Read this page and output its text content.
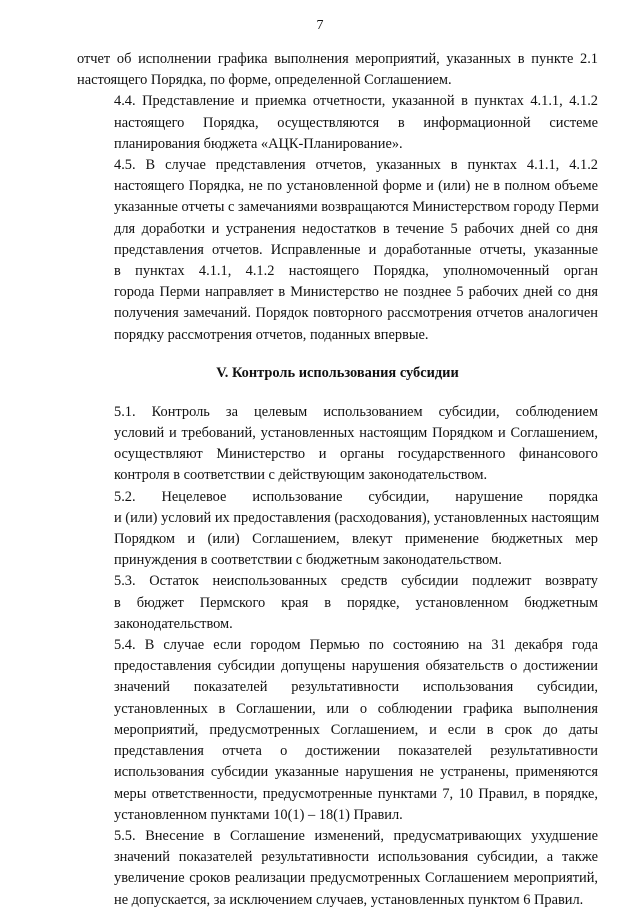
7

отчет об исполнении графика выполнения мероприятий, указанных в пункте 2.1
настоящего Порядка, по форме, определенной Соглашением.

4.4. Представление и приемка отчетности, указанной в пунктах 4.1.1, 4.1.2
настоящего Порядка, осуществляются в информационной системе
планирования бюджета «АЦК-Планирование».

4.5. В случае представления отчетов, указанных в пунктах 4.1.1, 4.1.2
настоящего Порядка, не по установленной форме и (или) не в полном объеме
указанные отчеты с замечаниями возвращаются Министерством городу Перми
для доработки и устранения недостатков в течение 5 рабочих дней со дня
представления отчетов. Исправленные и доработанные отчеты, указанные
в пунктах 4.1.1, 4.1.2 настоящего Порядка, уполномоченный орган
города Перми направляет в Министерство не позднее 5 рабочих дней со дня
получения замечаний. Порядок повторного рассмотрения отчетов аналогичен
порядку рассмотрения отчетов, поданных впервые.

V. Контроль использования субсидии

5.1. Контроль за целевым использованием субсидии, соблюдением
условий и требований, установленных настоящим Порядком и Соглашением,
осуществляют Министерство и органы государственного финансового
контроля в соответствии с действующим законодательством.

5.2. Нецелевое использование субсидии, нарушение порядка
и (или) условий их предоставления (расходования), установленных настоящим
Порядком и (или) Соглашением, влекут применение бюджетных мер
принуждения в соответствии с бюджетным законодательством.

5.3. Остаток неиспользованных средств субсидии подлежит возврату
в бюджет Пермского края в порядке, установленном бюджетным
законодательством.

5.4. В случае если городом Пермью по состоянию на 31 декабря года
предоставления субсидии допущены нарушения обязательств о достижении
значений показателей результативности использования субсидии,
установленных в Соглашении, или о соблюдении графика выполнения
мероприятий, предусмотренных Соглашением, и если в срок до даты
представления отчета о достижении показателей результативности
использования субсидии указанные нарушения не устранены, применяются
меры ответственности, предусмотренные пунктами 7, 10 Правил, в порядке,
установленном пунктами 10(1) – 18(1) Правил.

5.5. Внесение в Соглашение изменений, предусматривающих ухудшение
значений показателей результативности использования субсидии, а также
увеличение сроков реализации предусмотренных Соглашением мероприятий,
не допускается, за исключением случаев, установленных пунктом 6 Правил.
